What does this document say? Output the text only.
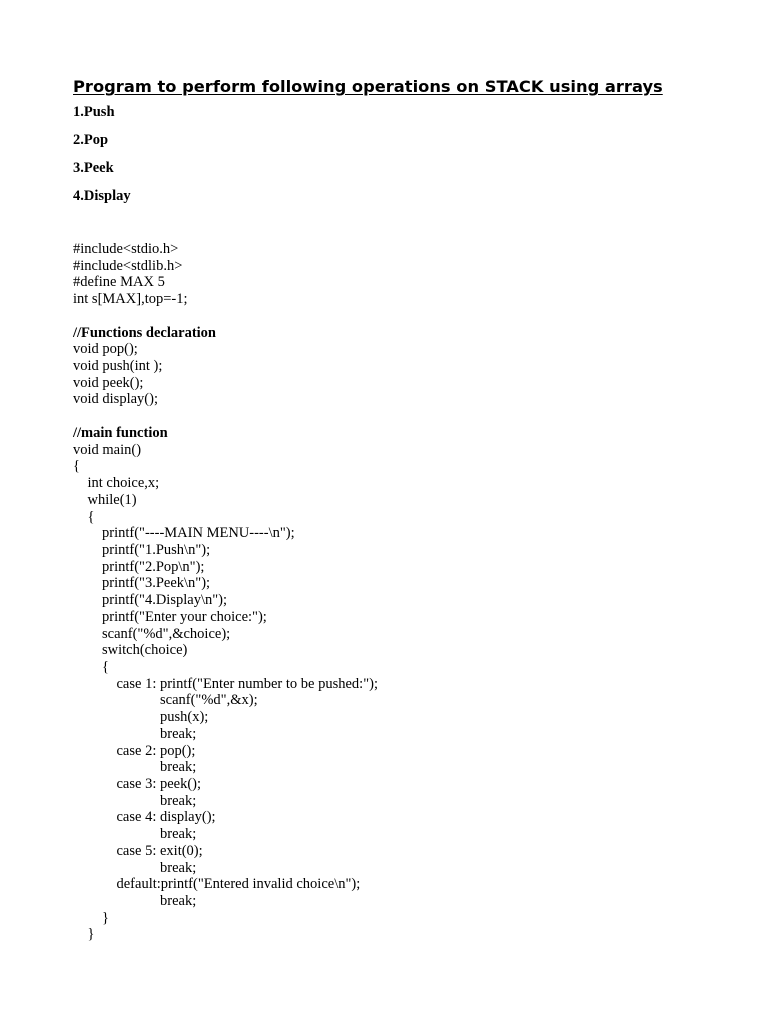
Program to perform following operations on STACK using arrays
1.Push
2.Pop
3.Peek
4.Display
#include<stdio.h>
#include<stdlib.h>
#define MAX 5
int s[MAX],top=-1;
//Functions declaration
void pop();
void push(int );
void peek();
void display();
//main function
void main()
{
int choice,x;
while(1)
{
printf("----MAIN MENU----\n");
printf("1.Push\n");
printf("2.Pop\n");
printf("3.Peek\n");
printf("4.Display\n");
printf("Enter your choice:");
scanf("%d",&choice);
switch(choice)
{
case 1: printf("Enter number to be pushed:");
scanf("%d",&x);
push(x);
break;
case 2: pop();
break;
case 3: peek();
break;
case 4: display();
break;
case 5: exit(0);
break;
default:printf("Entered invalid choice\n");
break;
}
}
